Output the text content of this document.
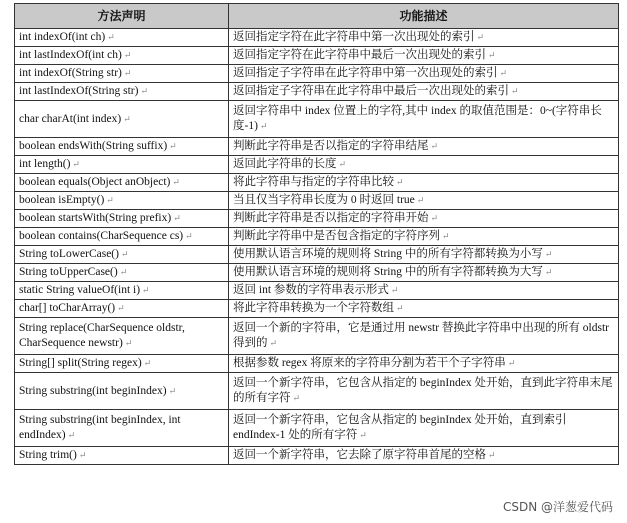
方法声明	功能描述
int indexOf(int ch) ↵	返回指定字符在此字符串中第一次出现处的索引 ↵
int lastIndexOf(int ch) ↵	返回指定字符在此字符串中最后一次出现处的索引 ↵
int indexOf(String str) ↵	返回指定子字符串在此字符串中第一次出现处的索引 ↵
int lastIndexOf(String str) ↵	返回指定子字符串在此字符串中最后一次出现处的索引 ↵
char charAt(int index) ↵	返回字符串中 index 位置上的字符,其中 index 的取值范围是：0~(字符串长度-1) ↵
boolean endsWith(String suffix) ↵	判断此字符串是否以指定的字符串结尾 ↵
int length() ↵	返回此字符串的长度 ↵
boolean equals(Object anObject) ↵	将此字符串与指定的字符串比较 ↵
boolean isEmpty() ↵	当且仅当字符串长度为 0 时返回 true ↵
boolean startsWith(String prefix) ↵	判断此字符串是否以指定的字符串开始 ↵
boolean contains(CharSequence cs) ↵	判断此字符串中是否包含指定的字符序列 ↵
String toLowerCase() ↵	使用默认语言环境的规则将 String 中的所有字符都转换为小写 ↵
String toUpperCase() ↵	使用默认语言环境的规则将 String 中的所有字符都转换为大写 ↵
static String valueOf(int i) ↵	返回 int 参数的字符串表示形式 ↵
char[] toCharArray() ↵	将此字符串转换为一个字符数组 ↵
String replace(CharSequence oldstr, CharSequence newstr) ↵	返回一个新的字符串，它是通过用 newstr 替换此字符串中出现的所有 oldstr 得到的 ↵
String[] split(String regex) ↵	根据参数 regex 将原来的字符串分割为若干个子字符串 ↵
String substring(int beginIndex) ↵	返回一个新字符串，它包含从指定的 beginIndex 处开始，直到此字符串末尾的所有字符 ↵
String substring(int beginIndex, int endIndex) ↵	返回一个新字符串，它包含从指定的 beginIndex 处开始，直到索引 endIndex-1 处的所有字符 ↵
String trim() ↵	返回一个新字符串，它去除了原字符串首尾的空格 ↵
CSDN @洋葱爱代码
